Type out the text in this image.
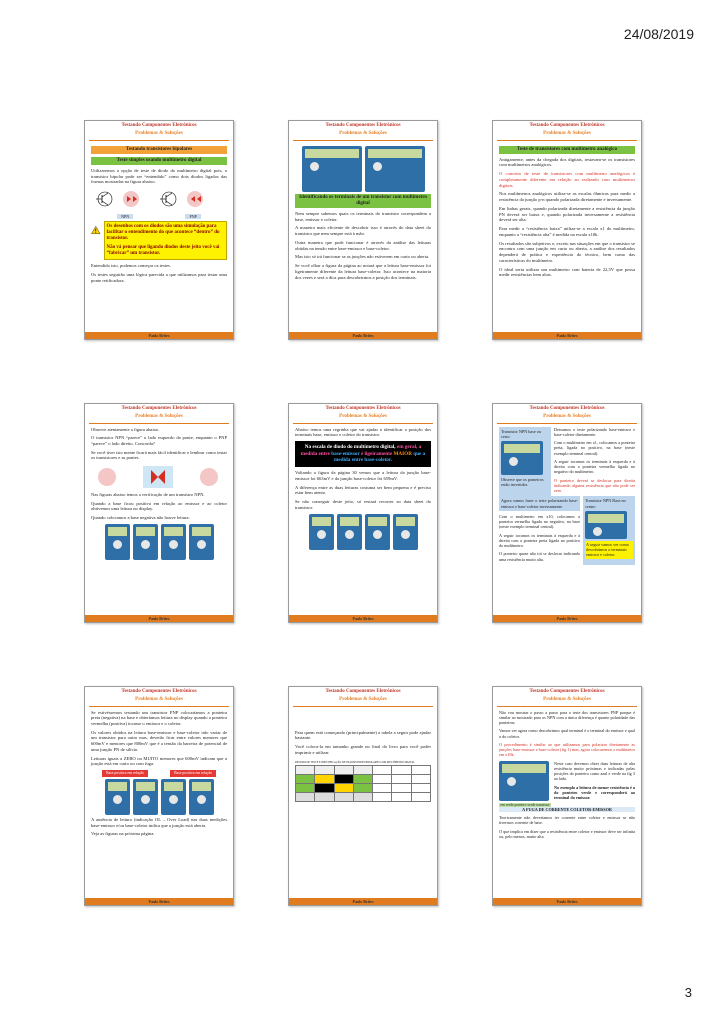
24/08/2019
Testando Componentes Eletrônicos
Problemas & Soluções
Testando transistores bipolares
Teste simples usando multímetro digital

Utilizaremos a opção de teste de diodo do multímetro digital pois, o transistor bipolar pode ser “entendido” como dois diodos ligados das formas mostradas na figura abaixo.

NPN	PNP
Os desenhos com os diodos são uma simulação para facilitar o entendimento do que acontece “dentro” do transistor.
Não vá pensar que ligando diodos deste jeito você vai “fabricar” um transistor.

Entendido isto, podemos começar os testes.

Os testes seguirão uma lógica parecida a que utilizamos para testar uma ponte retificadora.

Paulo Brites
Testando Componentes Eletrônicos
Problemas & Soluções
Identificando os terminais de um transistor com multímetro digital

Nem sempre sabemos quais os terminais do transistor correspondem a base, emissor e coletor.

A maneira mais eficiente de descobrir isso é através do data sheet do transistor que nem sempre está à mão.

Outra maneira que pode funcionar é através da análise das leituras obtidas na tensão entre base-emissor e base-coletor.

Mas isto só irá funcionar se as junções não estiverem em curto ou aberta.

Se você olhar a figura da página ao notará que a leitura base-emissor foi ligeiramente diferente da leitura base-coletor. Isso acontece na maioria dos vezes e será a dica para descobrirmos a posição dos terminais.

Paulo Brites
Testando Componentes Eletrônicos
Problemas & Soluções
Teste de transistores com multímetro analógico

Antigamente, antes da chegada dos digitais, testavam-se os transistores com multímetros analógicos.

O conceito de teste de transistores com multímetro analógicos é completamente diferente em relação ao realizado com multímetros digitais.

Nos multímetros analógicos utiliza-se as escalas ôhmicas para medir a resistência da junção p-n quando polarizada diretamente e inversamente.

Em linhas gerais, quando polarizada diretamente a resistência da junção PN deverá ser baixa e, quando polarizada inversamente a resistência deverá ser alta.

Para medir a “resistência baixa” utiliza-se a escala x1 do multímetro, enquanto a “resistência alta” é medida na escala x10k.

Os resultados são subjetivos e, exceto nas situações em que o transistor se encontra com uma junção em curto ou aberta, a análise dos resultados dependerá de prática e experiência do técnico, bem como das características do multímetro.

O ideal seria utilizar um multímetro com bateria de 22,5V que possa medir resistências bem altas.

Paulo Brites
Testando Componentes Eletrônicos
Problemas & Soluções

Observe atentamente a figura abaixo.

O transistor NPN “parece” o lado esquerdo da ponte, enquanto o PNP “parece” o lado direito. Concorda?

Se você tiver isto mente ficará mais fácil identificar e lembrar como testar os transistores e as pontes.

Nas figuras abaixo temos a verificação de um transistor NPN.

Quando a base ficou positiva em relação ao emissor e ao coletor obtivemos uma leitura no display.

Quando colocamos a base negativa não houve leitura.

Paulo Brites
Testando Componentes Eletrônicos
Problemas & Soluções

Abaixo temos uma regrinha que vai ajudar a identificar a posição dos terminais base, emissor e coletor do transistor.

Na escala de diodo do multímetro digital, em geral, a medida entre base-emissor é ligeiramente MAIOR que a medida entre base-coletor.

Voltando a figura da página 30 vemos que a leitura da junção base-emissor foi 663mV e da junção base-coletor foi 659mV.

A diferença entre as duas leituras costuma ser bem pequena e é preciso estar bem atento.

Se não conseguir deste jeito, só restará recorrer ao data sheet do transistor.

Paulo Brites
Testando Componentes Eletrônicos
Problemas & Soluções
Transistor NPN base ou cesto
Observe que os ponteiros estão invertidos

Deixamos o teste polarizando base-emissor e base-coletor diretamente.

Com o multímetro em x1, colocamos a ponteira preta, ligada no positivo, na base (neste exemplo terminal central).

A seguir tocamos os terminais à esquerda e à direita com a ponteira vermelha ligada no negativo do multímetro.

O ponteiro deverá se deslocar para direita indicando alguma resistência que não pode ser zero.

Agora vamos fazer o teste polarizando base-emissor e base-coletor inversamente.

Com o multímetro em x10, colocamos a ponteira vermelha ligada no negativo, na base (neste exemplo terminal central).

A seguir tocamos os terminais à esquerda e à direita com a ponteira preta ligada no positivo do multímetro.

O ponteiro quase não irá se deslocar indicando uma resistência muito alta.

Transistor NPN Base no centro
A seguir vamos ver como descobrimos o terminais emissor e coletor.
Paulo Brites
Testando Componentes Eletrônicos
Problemas & Soluções

Se estivéssemos testando um transistor PNP colocaríamos a ponteira preta (negativa) na base e obteríamos leitura no display quando a ponteira vermelha (positiva) tocasse o emissor e o coletor.

Os valores obtidos na leitura base-emissor e base-coletor irão variar de um transistor para outro mas, deverão ficar entre valores menores que 600mV e menores que 800mV que é a tensão da barreira de potencial de uma junção PN de silício.

Leituras iguais a ZERO ou MUITO menores que 600mV indicam que a junção está em curto ou com fuga.

Base positiva em relação	Base positiva em relação

A ausência de leitura (indicação OL – Over Load) nas duas medições base-emissor e/ou base-coletor indica que a junção está aberta.

Veja as figuras na próxima página.

Paulo Brites
Testando Componentes Eletrônicos
Problemas & Soluções

Para quem está começando (principalmente) a tabela a seguir pode ajudar bastante.

Você coloca-la em tamanho grande no final do livro para você poder imprimir e utilizar.

RESUMO DE TESTE E IDENTIFICAÇÃO DE TRANSISTORES BIPOLARES COM MULTÍMETRO DIGITAL

Paulo Brites
Testando Componentes Eletrônicos
Problemas & Soluções

Não vou mostrar o passo a passo para o teste dos transistores PNP porque é similar ao mostrado para os NPN com a única diferença é quanto polaridade das ponteiras.

Vamos ver agora como descobrimos qual terminal é o terminal do emissor e qual o do coletor.

O procedimento é similar ao que utilizamos para polarizar diretamente as junções base-emissor e base-coletor (fig 1) mas, agora colocaremos o multímetro em x10k.

em verde ponteiro verde transistor

Neste caso devemos obter duas leituras de alta resistência muito próximas e indicadas pelas posições do ponteiro como azul e verde na fig 3 ao lado.

No exemplo a leitura de menor resistência é a do ponteiro verde e corresponderá ao terminal do emissor.

A FUGA DE CORRENTE COLETOR-EMISSOR

Teoricamente não deveríamos ter corrente entre coletor e emissor se não tivermos corrente de base.

O que implica em dizer que a resistência entre coletor e emissor deve ser infinita ou, pelo menos, muito alta.

Paulo Brites
3
